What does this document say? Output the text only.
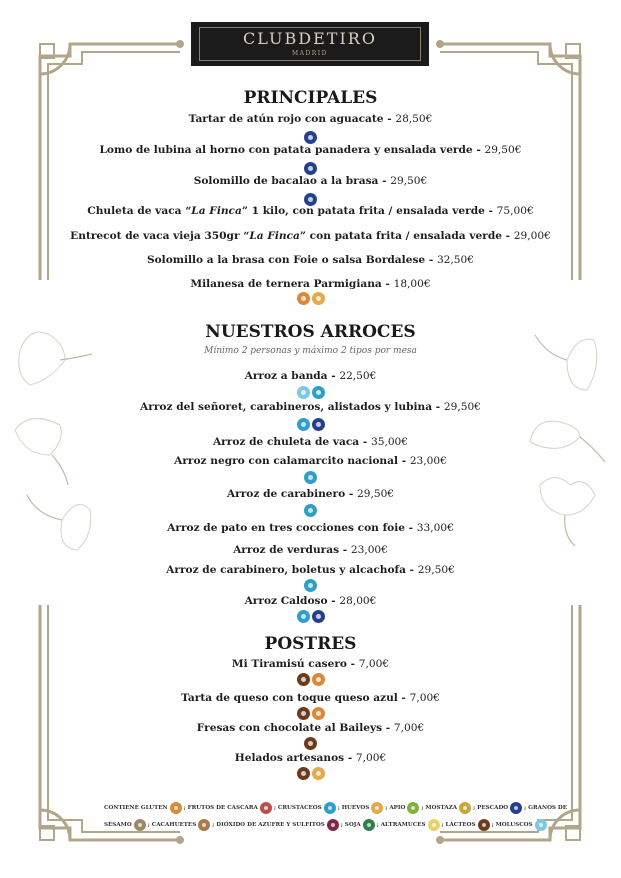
CLUBDETIRO
MADRID
PRINCIPALES
Tartar de atún rojo con aguacate - 28,50€
Lomo de lubina al horno con patata panadera y ensalada verde - 29,50€
Solomillo de bacalao a la brasa - 29,50€
Chuleta de vaca “La Finca” 1 kilo, con patata frita / ensalada verde - 75,00€
Entrecot de vaca vieja 350gr “La Finca” con patata frita / ensalada verde - 29,00€
Solomillo a la brasa con Foie o salsa Bordalese - 32,50€
Milanesa de ternera Parmigiana - 18,00€
NUESTROS ARROCES
Mínimo 2 personas y máximo 2 tipos por mesa
Arroz a banda - 22,50€
Arroz del señoret, carabineros, alistados y lubina - 29,50€
Arroz de chuleta de vaca - 35,00€
Arroz negro con calamarcito nacional - 23,00€
Arroz de carabinero - 29,50€
Arroz de pato en tres cocciones con foie - 33,00€
Arroz de verduras - 23,00€
Arroz de carabinero, boletus y alcachofa - 29,50€
Arroz Caldoso - 28,00€
POSTRES
Mi Tiramisú casero - 7,00€
Tarta de queso con toque queso azul - 7,00€
Fresas con chocolate al Baileys - 7,00€
Helados artesanos - 7,00€
CONTIENE GLUTEN	; FRUTOS DE CÁSCARA	; CRUSTÁCEOS	; HUEVOS	; APIO	; MOSTAZA	; PESCADO	; GRANOS DE
SÉSAMO	; CACAHUETES	; DIÓXIDO DE AZUFRE Y SULFITOS	; SOJA	; ALTRAMUCES	; LÁCTEOS	; MOLUSCOS
